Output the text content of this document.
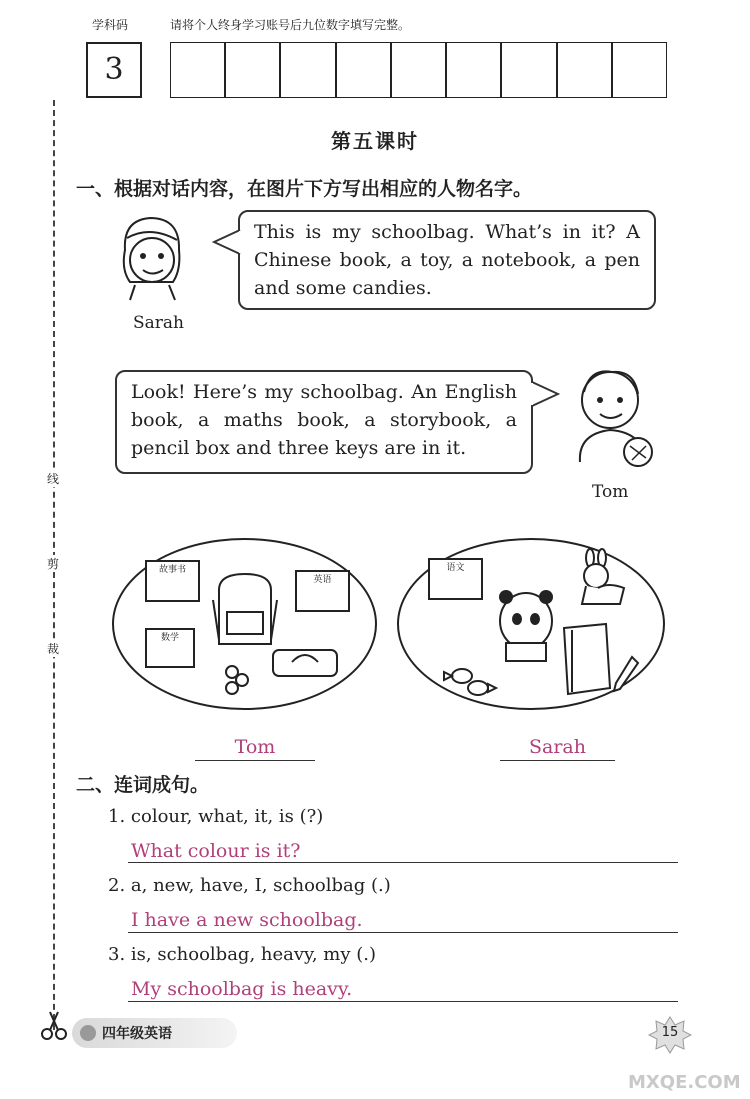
学科码	请将个人终身学习账号后九位数字填写完整。
3
线
剪
裁
第五课时
一、根据对话内容，在图片下方写出相应的人物名字。
This is my schoolbag. What’s in it? A Chinese book, a toy, a notebook, a pen and some candies.
Sarah
Look! Here’s my schoolbag. An English book, a maths book, a storybook, a pencil box and three keys are in it.
Tom
故事书
英语
数学
语文
Tom	Sarah
二、连词成句。
1. colour, what, it, is (?)
What colour is it?
2. a, new, have, I, schoolbag (.)
I have a new schoolbag.
3. is, schoolbag, heavy, my (.)
My schoolbag is heavy.
四年级英语	15
MXQE.COM
